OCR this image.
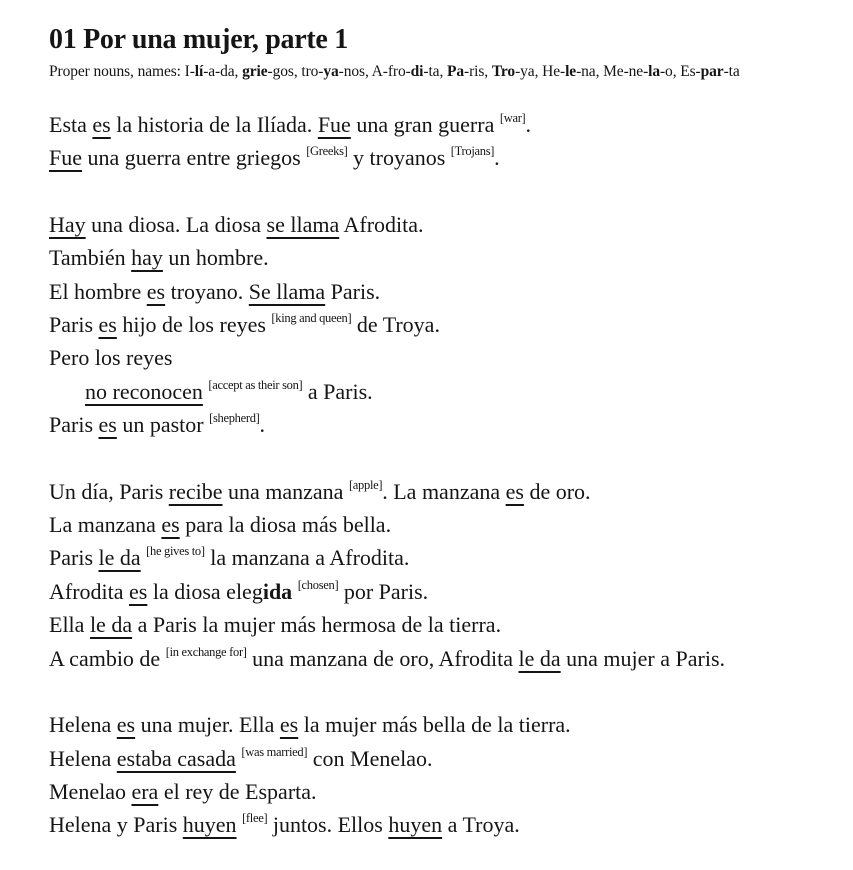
01 Por una mujer, parte 1
Proper nouns, names: I-lí-a-da, grie-gos, tro-ya-nos, A-fro-di-ta, Pa-ris, Tro-ya, He-le-na, Me-ne-la-o, Es-par-ta
Esta es la historia de la Ilíada. Fue una gran guerra [war].
Fue una guerra entre griegos [Greeks] y troyanos [Trojans].
Hay una diosa. La diosa se llama Afrodita.
También hay un hombre.
El hombre es troyano. Se llama Paris.
Paris es hijo de los reyes [king and queen] de Troya.
Pero los reyes
no reconocen [accept as their son] a Paris.
Paris es un pastor [shepherd].
Un día, Paris recibe una manzana [apple]. La manzana es de oro.
La manzana es para la diosa más bella.
Paris le da [he gives to] la manzana a Afrodita.
Afrodita es la diosa elegida [chosen] por Paris.
Ella le da a Paris la mujer más hermosa de la tierra.
A cambio de [in exchange for] una manzana de oro, Afrodita le da una mujer a Paris.
Helena es una mujer. Ella es la mujer más bella de la tierra.
Helena estaba casada [was married] con Menelao.
Menelao era el rey de Esparta.
Helena y Paris huyen [flee] juntos. Ellos huyen a Troya.
